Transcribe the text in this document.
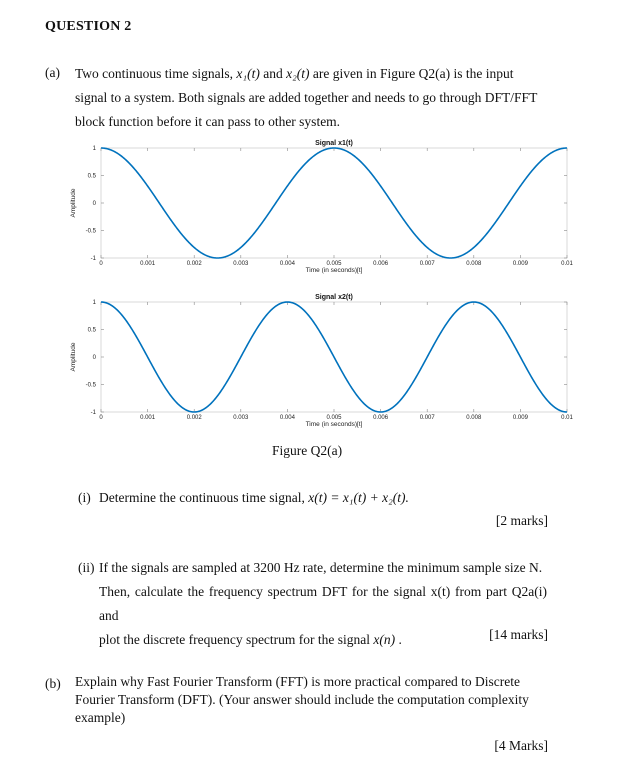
QUESTION 2
(a) Two continuous time signals, x₁(t) and x₂(t) are given in Figure Q2(a) is the input
signal to a system. Both signals are added together and needs to go through DFT/FFT
block function before it can pass to other system.
0	0.001	0.002	0.003	0.004	0.005	0.006	0.007	0.008	0.009	0.01
1
0.5
0
-0.5
-1
Signal x1(t)
Time (in seconds)[t]
Amplitude
0	0.001	0.002	0.003	0.004	0.005	0.006	0.007	0.008	0.009	0.01
1
0.5
0
-0.5
-1
Signal x2(t)
Time (in seconds)[t]
Amplitude
Figure Q2(a)
(i) Determine the continuous time signal, x(t) = x₁(t) + x₂(t).
[2 marks]
(ii) If the signals are sampled at 3200 Hz rate, determine the minimum sample size N.
Then, calculate the frequency spectrum DFT for the signal x(t) from part Q2a(i) and
plot the discrete frequency spectrum for the signal x(n) .	[14 marks]
(b) Explain why Fast Fourier Transform (FFT) is more practical compared to Discrete
Fourier Transform (DFT). (Your answer should include the computation complexity
example)
[4 Marks]
